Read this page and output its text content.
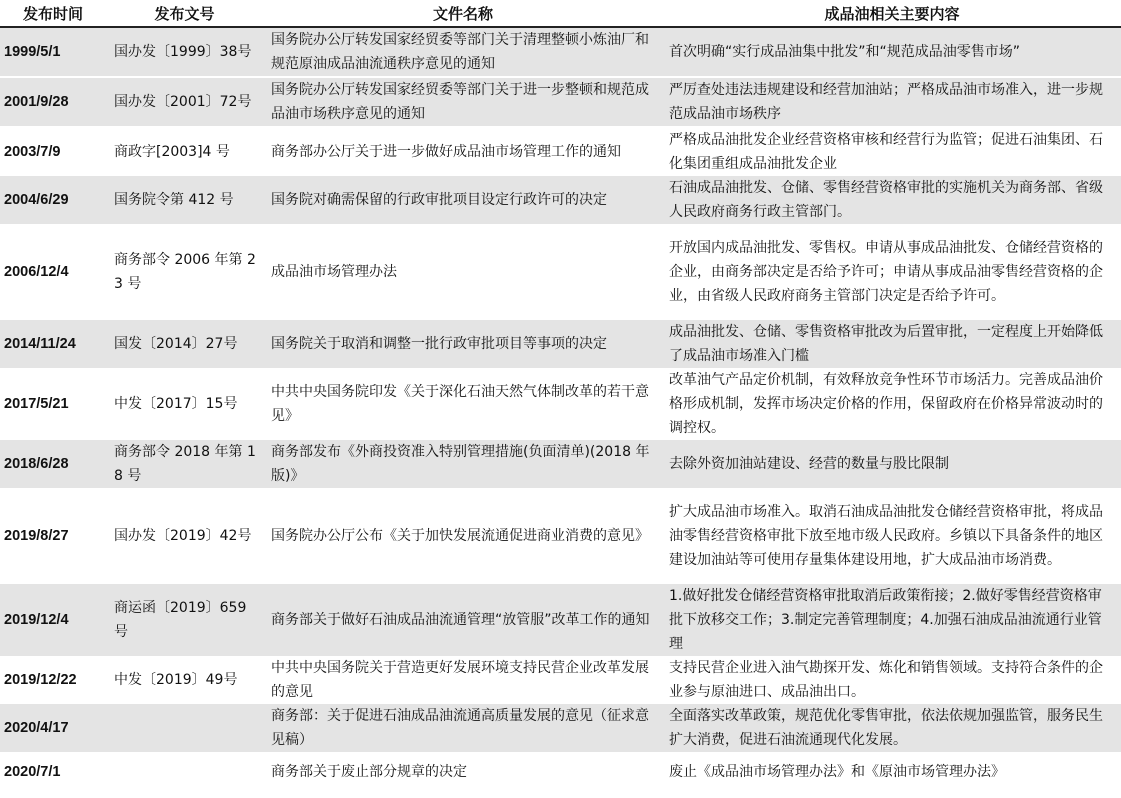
发布时间	发布文号	文件名称	成品油相关主要内容
1999/5/1	国办发〔1999〕38号	国务院办公厅转发国家经贸委等部门关于清理整顿小炼油厂和规范原油成品油流通秩序意见的通知	首次明确“实行成品油集中批发”和“规范成品油零售市场”
2001/9/28	国办发〔2001〕72号	国务院办公厅转发国家经贸委等部门关于进一步整顿和规范成品油市场秩序意见的通知	严厉查处违法违规建设和经营加油站；严格成品油市场准入，进一步规范成品油市场秩序
2003/7/9	商政字[2003]4 号	商务部办公厅关于进一步做好成品油市场管理工作的通知	严格成品油批发企业经营资格审核和经营行为监管；促进石油集团、石化集团重组成品油批发企业
2004/6/29	国务院令第 412 号	国务院对确需保留的行政审批项目设定行政许可的决定	石油成品油批发、仓储、零售经营资格审批的实施机关为商务部、省级人民政府商务行政主管部门。
2006/12/4	商务部令 2006 年第 23 号	成品油市场管理办法	开放国内成品油批发、零售权。申请从事成品油批发、仓储经营资格的企业，由商务部决定是否给予许可；申请从事成品油零售经营资格的企业，由省级人民政府商务主管部门决定是否给予许可。
2014/11/24	国发〔2014〕27号	国务院关于取消和调整一批行政审批项目等事项的决定	成品油批发、仓储、零售资格审批改为后置审批，一定程度上开始降低了成品油市场准入门槛
2017/5/21	中发〔2017〕15号	中共中央国务院印发《关于深化石油天然气体制改革的若干意见》	改革油气产品定价机制，有效释放竞争性环节市场活力。完善成品油价格形成机制，发挥市场决定价格的作用，保留政府在价格异常波动时的调控权。
2018/6/28	商务部令 2018 年第 18 号	商务部发布《外商投资准入特别管理措施(负面清单)(2018 年版)》	去除外资加油站建设、经营的数量与股比限制
2019/8/27	国办发〔2019〕42号	国务院办公厅公布《关于加快发展流通促进商业消费的意见》	扩大成品油市场准入。取消石油成品油批发仓储经营资格审批，将成品油零售经营资格审批下放至地市级人民政府。乡镇以下具备条件的地区建设加油站等可使用存量集体建设用地，扩大成品油市场消费。
2019/12/4	商运函〔2019〕659号	商务部关于做好石油成品油流通管理“放管服”改革工作的通知	1.做好批发仓储经营资格审批取消后政策衔接；2.做好零售经营资格审批下放移交工作；3.制定完善管理制度；4.加强石油成品油流通行业管理
2019/12/22	中发〔2019〕49号	中共中央国务院关于营造更好发展环境支持民营企业改革发展的意见	支持民营企业进入油气勘探开发、炼化和销售领域。支持符合条件的企业参与原油进口、成品油出口。
2020/4/17		商务部：关于促进石油成品油流通高质量发展的意见（征求意见稿）	全面落实改革政策，规范优化零售审批，依法依规加强监管，服务民生扩大消费，促进石油流通现代化发展。
2020/7/1		商务部关于废止部分规章的决定	废止《成品油市场管理办法》和《原油市场管理办法》
